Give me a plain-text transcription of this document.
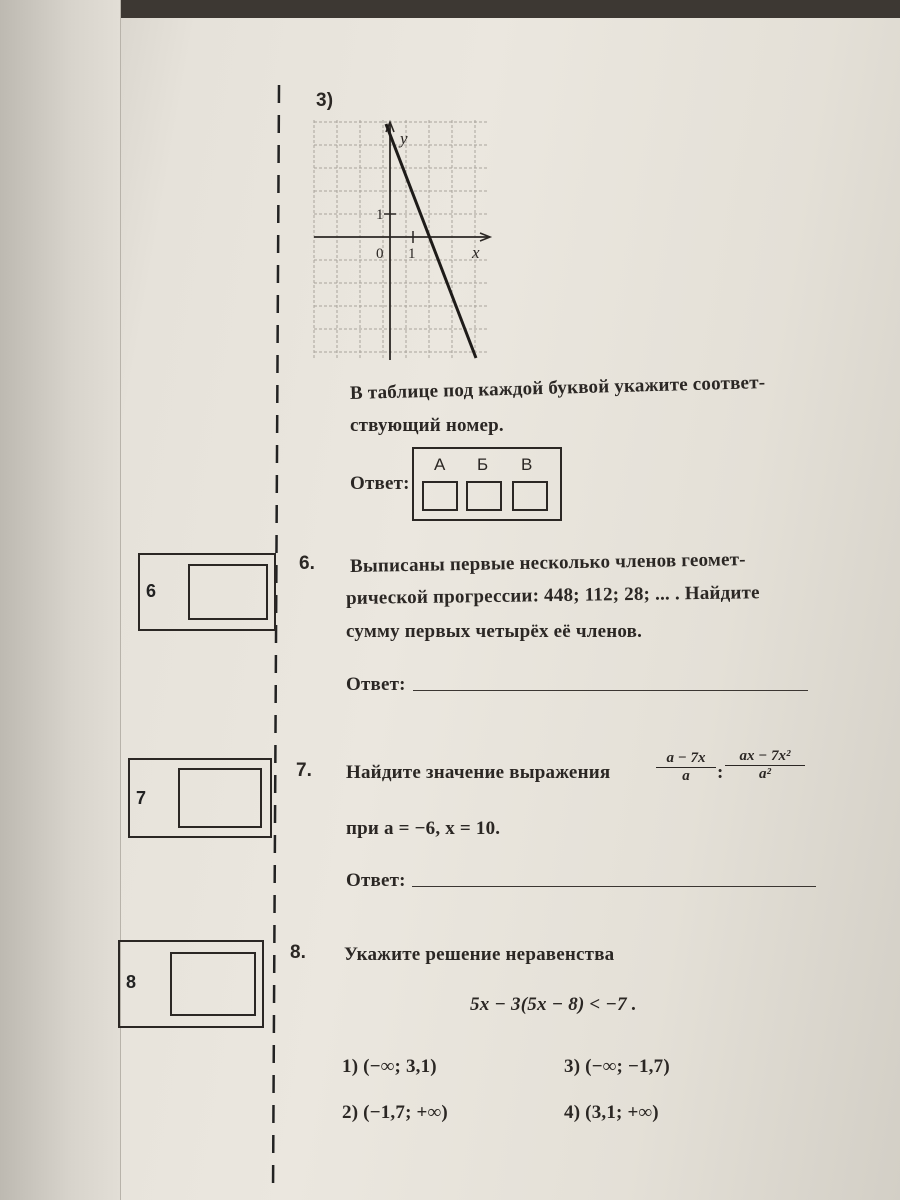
3)
y
x
0 1
1
В таблице под каждой буквой укажите соответ-
ствующий номер.
Ответ:
А Б В
6
6. Выписаны первые несколько членов геомет-
рической прогрессии: 448; 112; 28; ... . Найдите
сумму первых четырёх её членов.
Ответ:
7
7. Найдите значение выражения	$\frac{a - 7x}{a}$ : $\frac{\text{ax − 7x²}}{\text{a²}}$
при a = −6, x = 10.
Ответ:
8
8. Укажите решение неравенства
5x − 3(5x − 8) < −7 .
1) (−∞; 3,1)	3) (−∞; −1,7)
2) (−1,7; +∞)	4) (3,1; +∞)
